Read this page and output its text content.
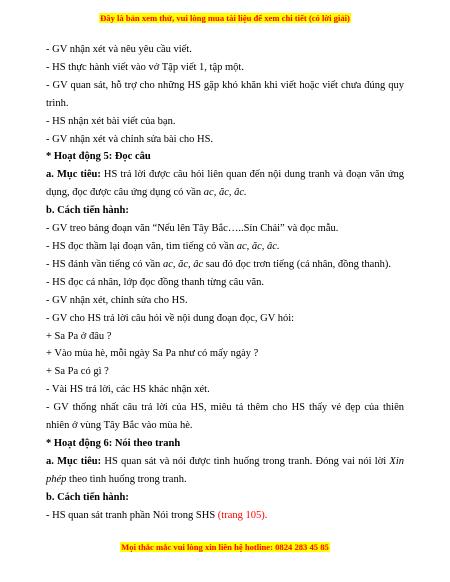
Đây là bản xem thử, vui lòng mua tài liệu để xem chi tiết (có lời giải)

- GV nhận xét và nêu yêu cầu viết.

- HS thực hành viết vào vở Tập viết 1, tập một.

- GV quan sát, hỗ trợ cho những HS gặp khó khăn khi viết hoặc viết chưa đúng quy trình.

- HS nhận xét bài viết của bạn.

- GV nhận xét và chỉnh sửa bài cho HS.

* Hoạt động 5: Đọc câu

a. Mục tiêu: HS trả lời được câu hỏi liên quan đến nội dung tranh và đoạn văn ứng dụng, đọc được câu ứng dụng có vần ac, ăc, âc.

b. Cách tiến hành:

- GV treo bảng đoạn văn “Nếu lên Tây Bắc…..Sín Chải” và đọc mẫu.

- HS đọc thầm lại đoạn văn, tìm tiếng có vần ac, ăc, âc.

- HS đánh vần tiếng có vần ac, ăc, âc sau đó đọc trơn tiếng (cá nhân, đồng thanh).

- HS đọc cá nhân, lớp đọc đồng thanh từng câu văn.

- GV nhận xét, chỉnh sửa cho HS.

- GV cho HS trả lời câu hỏi về nội dung đoạn đọc, GV hỏi:

+ Sa Pa ở đâu ?

+ Vào mùa hè, mỗi ngày Sa Pa như có mấy ngày ?

+ Sa Pa có gì ?

- Vài HS trả lời, các HS khác nhận xét.

- GV thống nhất câu trả lời của HS, miêu tả thêm cho HS thấy vẻ đẹp của thiên nhiên ở vùng Tây Bắc vào mùa hè.

* Hoạt động 6: Nói theo tranh

a. Mục tiêu: HS quan sát và nói được tình huống trong tranh. Đóng vai nói lời Xin phép theo tình huống trong tranh.

b. Cách tiến hành:

- HS quan sát tranh phần Nói trong SHS (trang 105).

Mọi thắc mắc vui lòng xin liên hệ hotline: 0824 283 45 85
